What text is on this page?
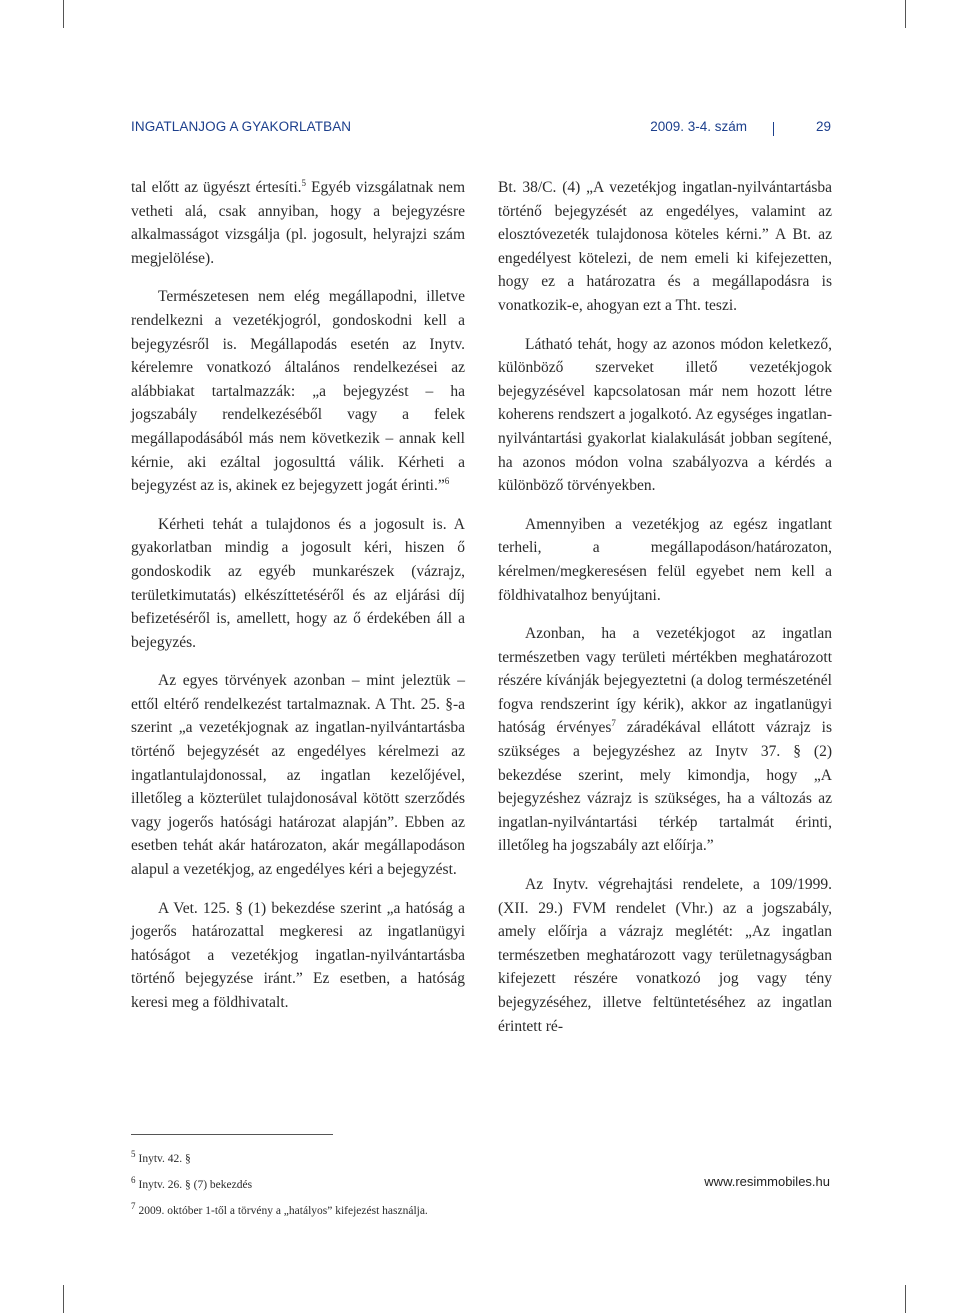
INGATLANJOG A GYAKORLATBAN	2009. 3-4. szám	29

tal előtt az ügyészt értesíti.$^5$ Egyéb vizsgálatnak nem vetheti alá, csak annyiban, hogy a bejegyzésre alkalmasságot vizsgálja (pl. jogosult, helyrajzi szám megjelölése).

Természetesen nem elég megállapodni, illetve rendelkezni a vezetékjogról, gondoskodni kell a bejegyzésről is. Megállapodás esetén az Inytv. kérelemre vonatkozó általános rendelkezései az alábbiakat tartalmazzák: „a bejegyzést – ha jogszabály rendelkezéséből vagy a felek megállapodásából más nem következik – annak kell kérnie, aki ezáltal jogosulttá válik. Kérheti a bejegyzést az is, akinek ez bejegyzett jogát érinti.”$^6$

Kérheti tehát a tulajdonos és a jogosult is. A gyakorlatban mindig a jogosult kéri, hiszen ő gondoskodik az egyéb munkarészek (vázrajz, területkimutatás) elkészíttetéséről és az eljárási díj befizetéséről is, amellett, hogy az ő érdekében áll a bejegyzés.

Az egyes törvények azonban – mint jeleztük – ettől eltérő rendelkezést tartalmaznak. A Tht. 25. §-a szerint „a vezetékjognak az ingatlan-nyilvántartásba történő bejegyzését az engedélyes kérelmezi az ingatlantulajdonossal, az ingatlan kezelőjével, illetőleg a közterület tulajdonosával kötött szerződés vagy jogerős hatósági határozat alapján”. Ebben az esetben tehát akár határozaton, akár megállapodáson alapul a vezetékjog, az engedélyes kéri a bejegyzést.

A Vet. 125. § (1) bekezdése szerint „a hatóság a jogerős határozattal megkeresi az ingatlanügyi hatóságot a vezetékjog ingatlan-nyilvántartásba történő bejegyzése iránt.” Ez esetben, a hatóság keresi meg a földhivatalt.

Bt. 38/C. (4) „A vezetékjog ingatlan-nyilvántartásba történő bejegyzését az engedélyes, valamint az elosztóvezeték tulajdonosa köteles kérni.” A Bt. az engedélyest kötelezi, de nem emeli ki kifejezetten, hogy ez a határozatra és a megállapodásra is vonatkozik-e, ahogyan ezt a Tht. teszi.

Látható tehát, hogy az azonos módon keletkező, különböző szerveket illető vezetékjogok bejegyzésével kapcsolatosan már nem hozott létre koherens rendszert a jogalkotó. Az egységes ingatlan-nyilvántartási gyakorlat kialakulását jobban segítené, ha azonos módon volna szabályozva a kérdés a különböző törvényekben.

Amennyiben a vezetékjog az egész ingatlant terheli, a megállapodáson/határozaton, kérelmen/megkeresésen felül egyebet nem kell a földhivatalhoz benyújtani.

Azonban, ha a vezetékjogot az ingatlan természetben vagy területi mértékben meghatározott részére kívánják bejegyeztetni (a dolog természeténél fogva rendszerint így kérik), akkor az ingatlanügyi hatóság érvényes$^7$ záradékával ellátott vázrajz is szükséges a bejegyzéshez az Inytv 37. § (2) bekezdése szerint, mely kimondja, hogy „A bejegyzéshez vázrajz is szükséges, ha a változás az ingatlan-nyilvántartási térkép tartalmát érinti, illetőleg ha jogszabály azt előírja.”

Az Inytv. végrehajtási rendelete, a 109/1999. (XII. 29.) FVM rendelet (Vhr.) az a jogszabály, amely előírja a vázrajz meglétét: „Az ingatlan természetben meghatározott vagy területnagyságban kifejezett részére vonatkozó jog vagy tény bejegyzéséhez, illetve feltüntetéséhez az ingatlan érintett ré-

$^5$ Inytv. 42. §
$^6$ Inytv. 26. § (7) bekezdés
$^7$ 2009. október 1-től a törvény a „hatályos” kifejezést használja.
www.resimmobiles.hu
